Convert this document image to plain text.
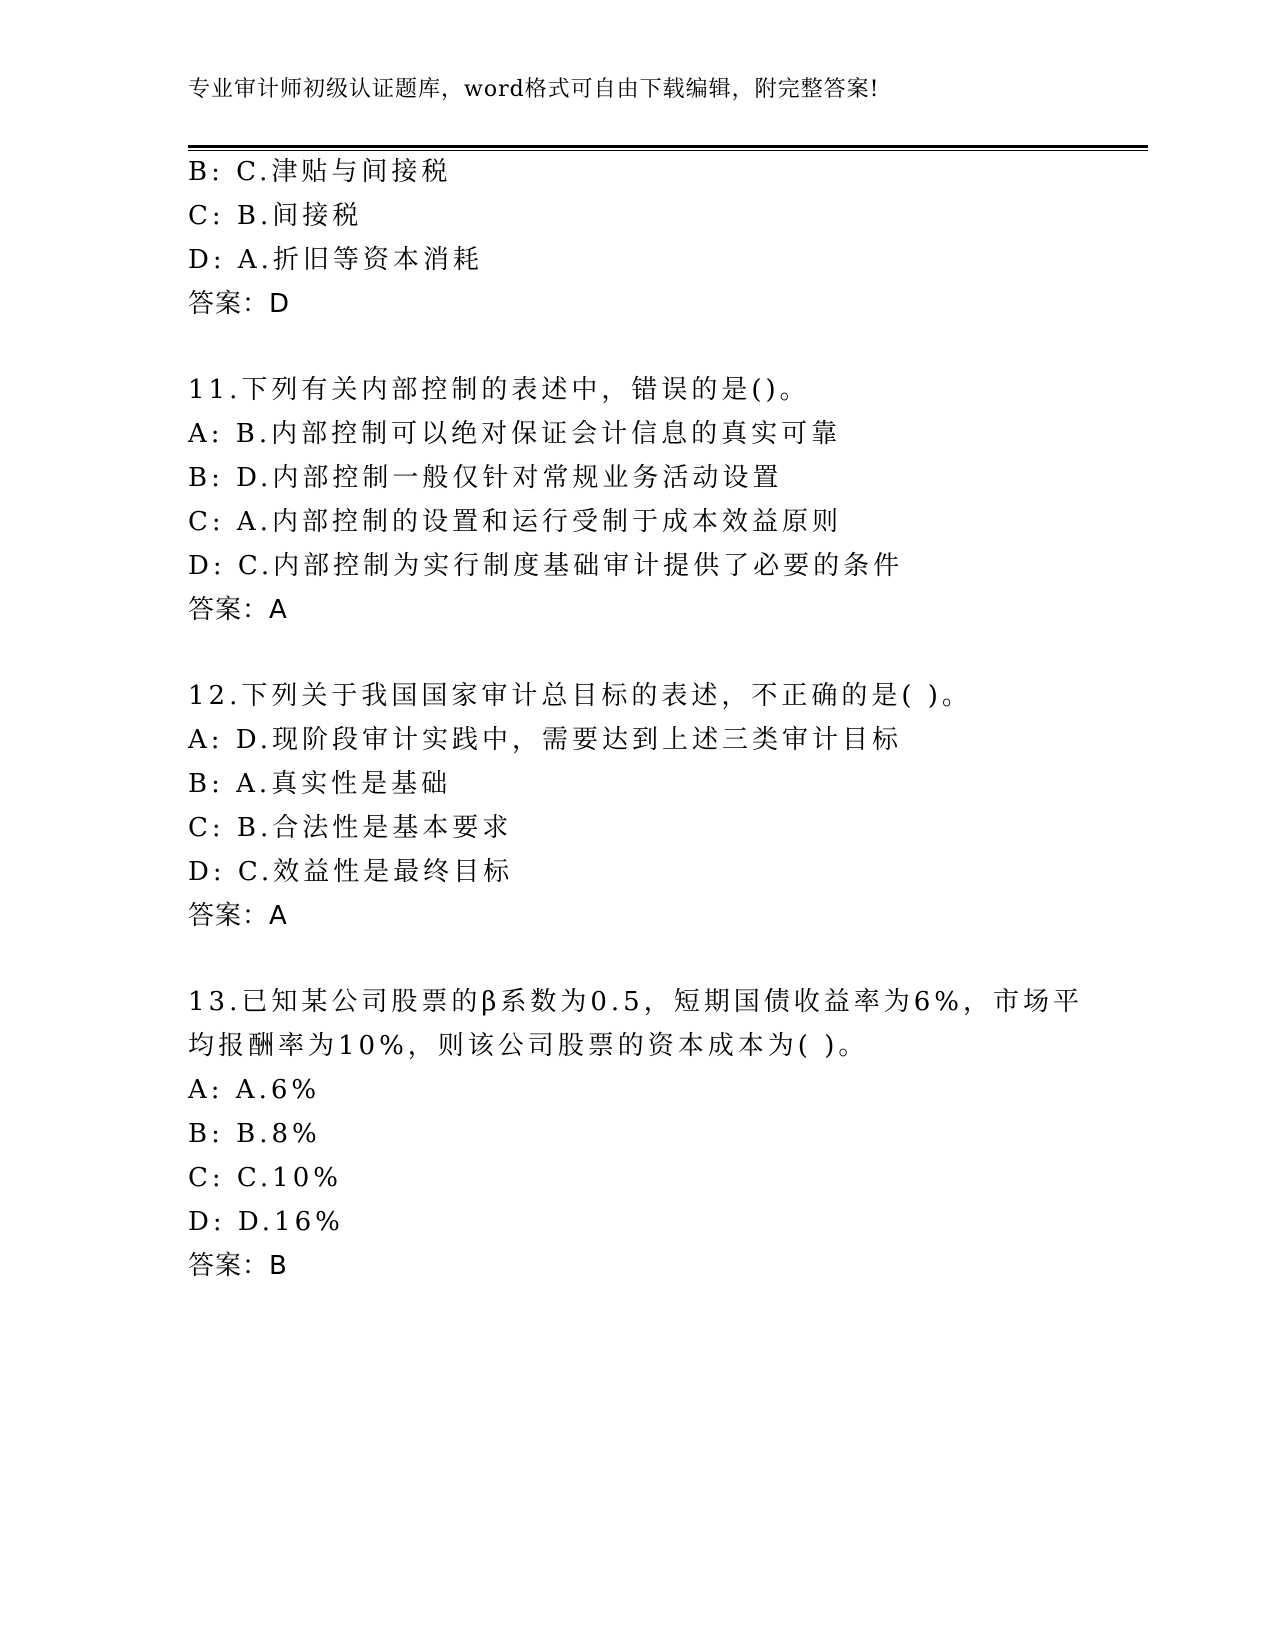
专业审计师初级认证题库，word格式可自由下载编辑，附完整答案!
B: C.津贴与间接税
C: B.间接税
D: A.折旧等资本消耗
答案：D
11.下列有关内部控制的表述中，错误的是()。
A: B.内部控制可以绝对保证会计信息的真实可靠
B: D.内部控制一般仅针对常规业务活动设置
C: A.内部控制的设置和运行受制于成本效益原则
D: C.内部控制为实行制度基础审计提供了必要的条件
答案：A
12.下列关于我国国家审计总目标的表述，不正确的是( )。
A: D.现阶段审计实践中，需要达到上述三类审计目标
B: A.真实性是基础
C: B.合法性是基本要求
D: C.效益性是最终目标
答案：A
13.已知某公司股票的β系数为0.5，短期国债收益率为6%，市场平
均报酬率为10%，则该公司股票的资本成本为( )。
A: A.6%
B: B.8%
C: C.10%
D: D.16%
答案：B
